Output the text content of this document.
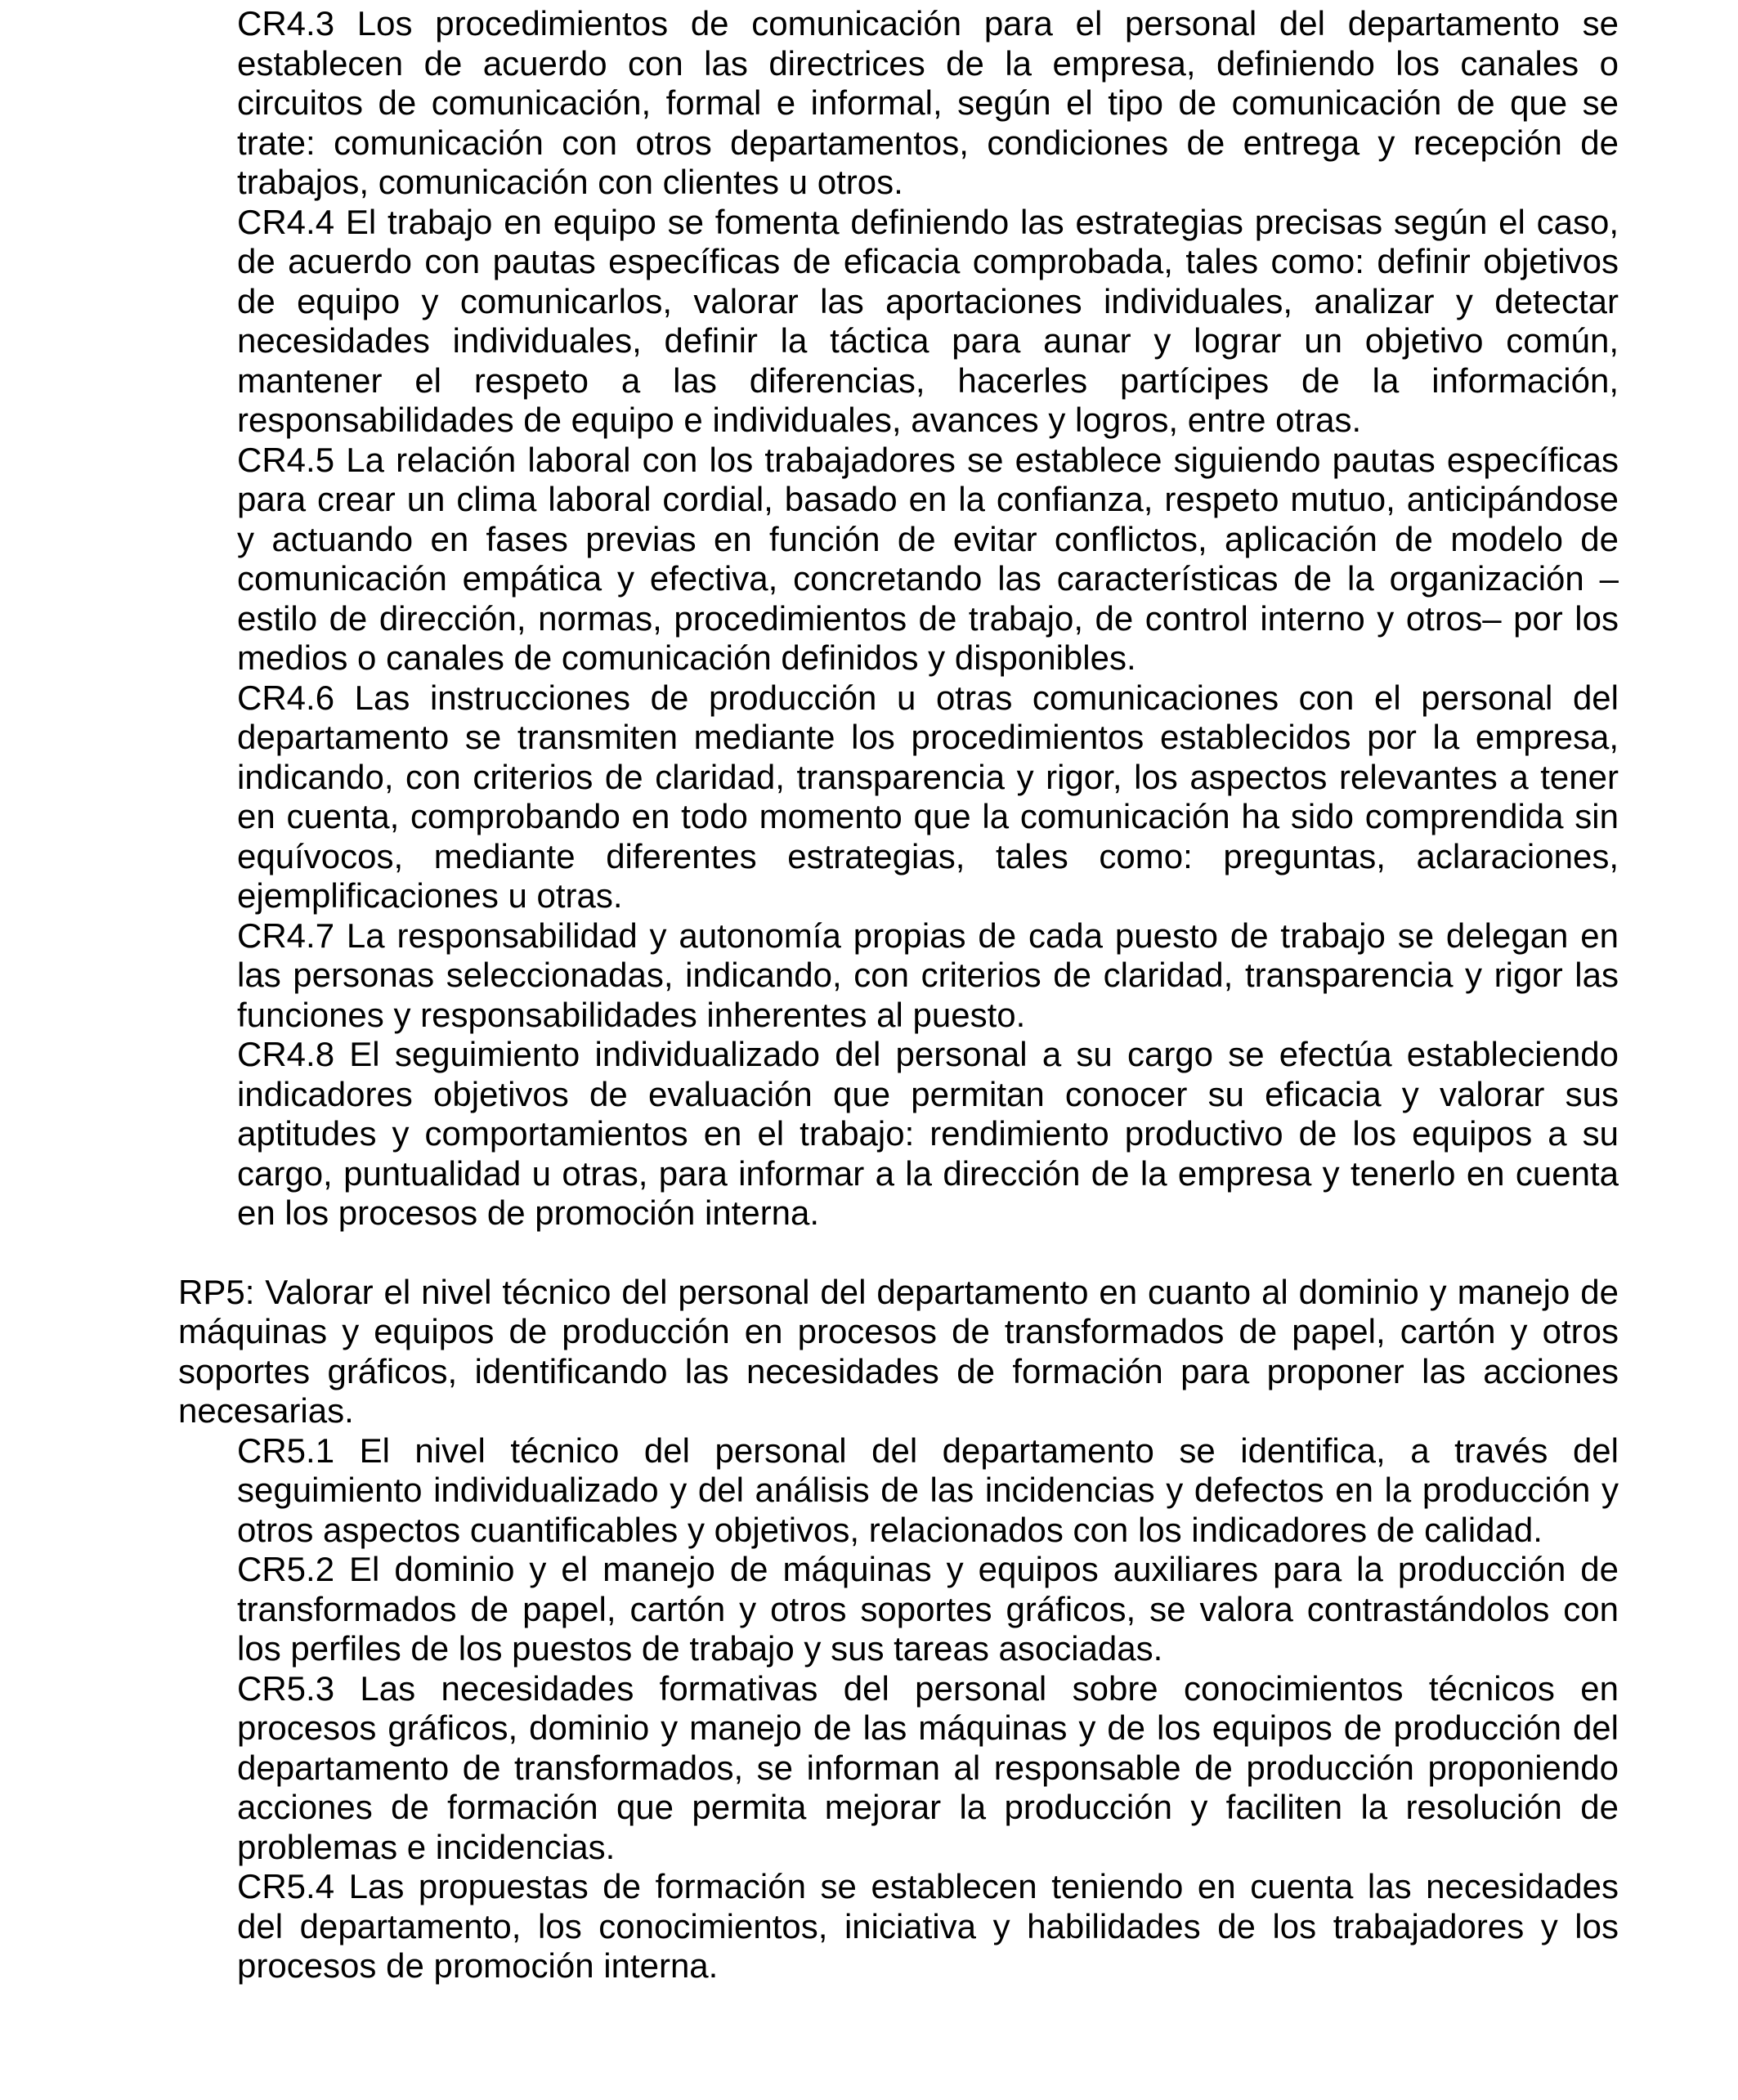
CR4.3 Los procedimientos de comunicación para el personal del departamento se establecen de acuerdo con las directrices de la empresa, definiendo los canales o circuitos de comunicación, formal e informal, según el tipo de comunicación de que se trate: comunicación con otros departamentos, condiciones de entrega y recepción de trabajos, comunicación con clientes u otros.

CR4.4 El trabajo en equipo se fomenta definiendo las estrategias precisas según el caso, de acuerdo con pautas específicas de eficacia comprobada, tales como: definir objetivos de equipo y comunicarlos, valorar las aportaciones individuales, analizar y detectar necesidades individuales, definir la táctica para aunar y lograr un objetivo común, mantener el respeto a las diferencias, hacerles partícipes de la información, responsabilidades de equipo e individuales, avances y logros, entre otras.

CR4.5 La relación laboral con los trabajadores se establece siguiendo pautas específicas para crear un clima laboral cordial, basado en la confianza, respeto mutuo, anticipándose y actuando en fases previas en función de evitar conflictos, aplicación de modelo de comunicación empática y efectiva, concretando las características de la organización –estilo de dirección, normas, procedimientos de trabajo, de control interno y otros– por los medios o canales de comunicación definidos y disponibles.

CR4.6 Las instrucciones de producción u otras comunicaciones con el personal del departamento se transmiten mediante los procedimientos establecidos por la empresa, indicando, con criterios de claridad, transparencia y rigor, los aspectos relevantes a tener en cuenta, comprobando en todo momento que la comunicación ha sido comprendida sin equívocos, mediante diferentes estrategias, tales como: preguntas, aclaraciones, ejemplificaciones u otras.

CR4.7 La responsabilidad y autonomía propias de cada puesto de trabajo se delegan en las personas seleccionadas, indicando, con criterios de claridad, transparencia y rigor las funciones y responsabilidades inherentes al puesto.

CR4.8 El seguimiento individualizado del personal a su cargo se efectúa estableciendo indicadores objetivos de evaluación que permitan conocer su eficacia y valorar sus aptitudes y comportamientos en el trabajo: rendimiento productivo de los equipos a su cargo, puntualidad u otras, para informar a la dirección de la empresa y tenerlo en cuenta en los procesos de promoción interna.

RP5: Valorar el nivel técnico del personal del departamento en cuanto al dominio y manejo de máquinas y equipos de producción en procesos de transformados de papel, cartón y otros soportes gráficos, identificando las necesidades de formación para proponer las acciones necesarias.

CR5.1 El nivel técnico del personal del departamento se identifica, a través del seguimiento individualizado y del análisis de las incidencias y defectos en la producción y otros aspectos cuantificables y objetivos, relacionados con los indicadores de calidad.

CR5.2 El dominio y el manejo de máquinas y equipos auxiliares para la producción de transformados de papel, cartón y otros soportes gráficos, se valora contrastándolos con los perfiles de los puestos de trabajo y sus tareas asociadas.

CR5.3 Las necesidades formativas del personal sobre conocimientos técnicos en procesos gráficos, dominio y manejo de las máquinas y de los equipos de producción del departamento de transformados, se informan al responsable de producción proponiendo acciones de formación que permita mejorar la producción y faciliten la resolución de problemas e incidencias.

CR5.4 Las propuestas de formación se establecen teniendo en cuenta las necesidades del departamento, los conocimientos, iniciativa y habilidades de los trabajadores y los procesos de promoción interna.
